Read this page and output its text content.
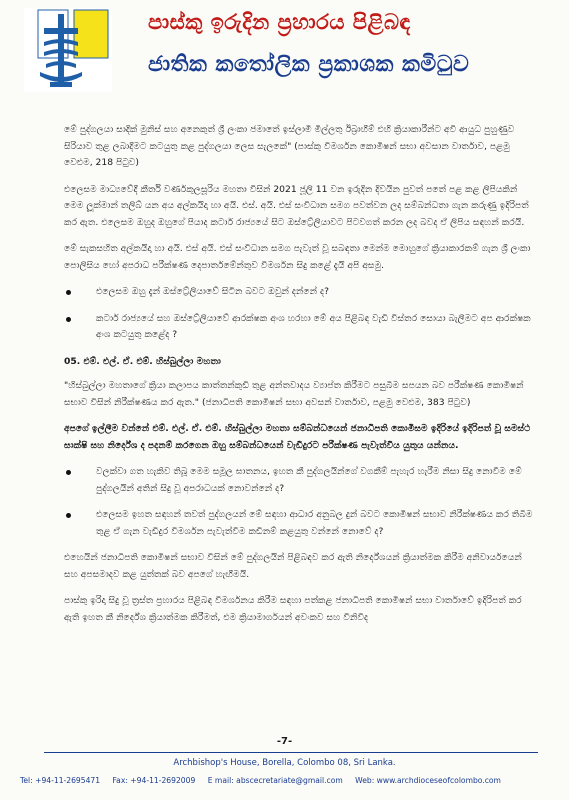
පාස්කු ඉරුදින ප්‍රහාරය පිළිබඳ
ජාතික කතෝලික ප්‍රකාශක කමිටුව

මේ පුද්ගලයා සාදික් මුනිස් සහ අනෙකුත් ශ්‍රී ලංකා ජමාතේ ඉස්ලාමි මිල්ලතු ඊබ්‍රාහීම් එහි ක්‍රියාකාරීන්ට අවි ආයුධ පුහුණුව සිරියාව තුළ ලබාදීමට කටයුතු කළ පුද්ගලයා ලෙස සැලකේ" (පාස්කු විමර්ශන කොමිෂන් සභා අවසාන වාර්තාව, පළමු වෙළුම, 218 පිටුව)

එලෙසම මාධ්‍යවේදී කීර්ති වර්ණකුලසූරිය මහතා විසින් 2021 ජූලි 11 වන ඉරුදින දිවයින පුවත් පතේ පළ කළ ලිපියකින් මෙම ලූක්මාන් තලිබ් යන අය අල්කයිදා හා අයි. එස්. අයි. එස් සංවිධාන සමග පවත්වන ලද සම්බන්ධතා ගැන කරුණු ඉදිරිපත් කර ඇත. එලෙසම ඔහුද ඔහුගේ පියාද කටාර් රාජ්‍යයේ සිට ඔස්ට්‍රේලියාවට පිටවගත් කරන ලද බවද ඒ ලිපිය සඳහන් කරයි.

මේ සැකසහිත අල්කයිදා හා අයි. එස් අයි. එස් සංවිධාන සමග පැවැත් වූ සබඳතා මෙන්ම මොහුගේ ක්‍රියාකාරකම් ගැන ශ්‍රී ලංකා පොලිසිය හෝ අපරාධ පරීක්ෂණ දෙපාර්තමේන්තුව විමර්ශන සිදු කළේ දැයි අපි අසමු.

එලෙසම ඔහු දැන් ඔස්ට්‍රේලියාවේ සිටින බවට ඔවුන් දන්නේ ද?
කටාර් රාජ්‍යයේ සහ ඔස්ට්‍රේලියාවේ ආරක්ෂක අංශ හරහා මේ අය පිළිබඳ වැඩි විස්තර සොයා බැලීමට අප ආරක්ෂක අංශ කටයුතු කළේද ?

05. එම්. එල්. ඒ. එම්. හිස්බුල්ලා මහතා

"හිස්බුල්ලා මහතාගේ ක්‍රියා කලාපය කාත්තන්කුඩි තුළ අන්තවාදය ව්‍යාප්ත කිරීමට පසුබිම සපයන බව පරීක්ෂණ කොමිෂන් සභාව විසින් නිරීක්ෂණය කර ඇත." (ජනාධිපති කොමිෂන් සභා අවසන් වාර්තාව, පළමු වෙළුම, 383 පිටුව)

අපගේ ඉල්ලීම වන්නේ එම්. එල්. ඒ. එම්. හිස්බුල්ලා මහතා සම්බන්ධයෙන් ජනාධිපති කොමිසම ඉදිරියේ ඉදිරිපත් වූ සමස්ථ සාක්ෂි සහ නිර්දේශ ද පදනම් කරගෙන ඔහු සම්බන්ධයෙන් වැඩිදුරට පරීක්ෂණ පැවැත්විය යුතුය යන්නය.

වලක්වා ගත හැකිව තිබූ මෙම සමූල ඝාතනය, ඉහත කී පුද්ගලයින්ගේ වගකීම් පැහැර හැරීම නිසා සිදු නොවීම මේ පුද්ගලයින් අතින් සිදු වූ අපරාධයක් නොවන්නේ ද?
එලෙසම ඉහත සඳහන් තවත් පුද්ගලයන් මේ සඳහා ආධාර අනුබල දුන් බවට කොමිෂන් සභාව නිරීක්ෂණය කර තිබීම තුළ ඒ ගැන වැඩිදුර විමර්ශන පැවැත්වීම කඩිනම් කළයුතු වන්නේ නොවේ ද?

එහෙයින් ජනාධිපති කොමිෂන් සභාව විසින් මේ පුද්ගලයින් පිළිබඳව කර ඇති නිර්දේශයන් ක්‍රියාත්මක කිරීම අනිවාර්යයෙන් සහ අපසමාදව කළ යුත්තක් බව අපගේ හැඟීමයි.

පාස්කු ඉරිදා සිදු වූ ත්‍රස්ත ප්‍රහාරය පිළිබඳ විමර්ශනය කිරීම සඳහා පත්කළ ජනාධිපති කොමිෂන් සභා වාර්තාවේ ඉදිරිපත් කර ඇති ඉහත කී නිර්දේශ ක්‍රියාත්මක කිරීමත්, එම ක්‍රියාමාර්ගයන් අවංකව සහ විනිවිද

-7-
Archbishop's House, Borella, Colombo 08, Sri Lanka.
Tel: +94-11-2695471 Fax: +94-11-2692009 E mail: abscecretariate@gmail.com Web: www.archdioceseofcolombo.com
